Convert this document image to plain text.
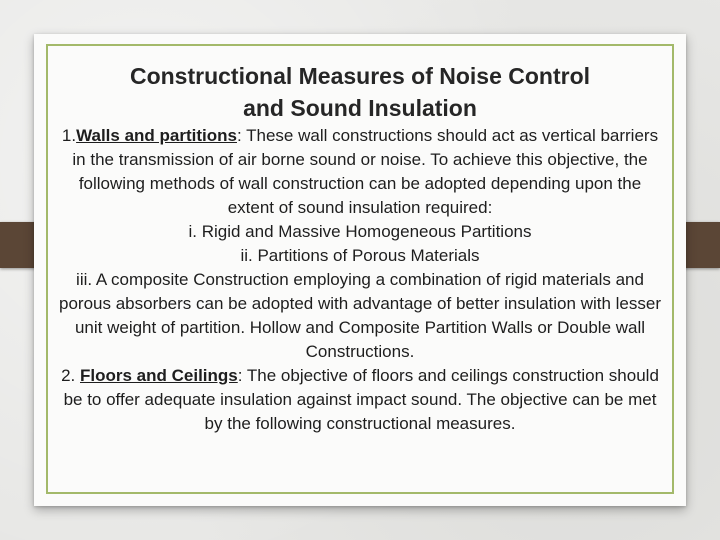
Constructional Measures of Noise Control
and Sound Insulation
1.Walls and partitions: These wall constructions should act as vertical barriers in the transmission of air borne sound or noise. To achieve this objective, the following methods of wall construction can be adopted depending upon the extent of sound insulation required:
i. Rigid and Massive Homogeneous Partitions
ii. Partitions of Porous Materials
iii. A composite Construction employing a combination of rigid materials and porous absorbers can be adopted with advantage of better insulation with lesser unit weight of partition. Hollow and Composite Partition Walls or Double wall Constructions.
2. Floors and Ceilings: The objective of floors and ceilings construction should be to offer adequate insulation against impact sound. The objective can be met by the following constructional measures.
